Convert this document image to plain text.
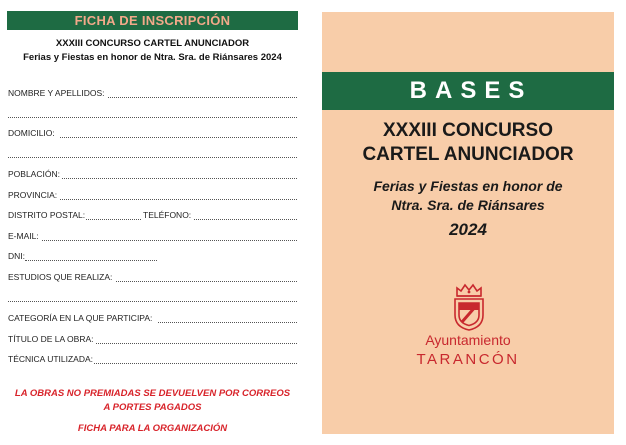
FICHA DE INSCRIPCIÓN
XXXIII CONCURSO CARTEL ANUNCIADOR
Ferias y Fiestas en honor de Ntra. Sra. de Riánsares 2024
NOMBRE Y APELLIDOS:
DOMICILIO:
POBLACIÓN:
PROVINCIA:
DISTRITO POSTAL:	TELÉFONO:
E-MAIL:
DNI:
ESTUDIOS QUE REALIZA:
CATEGORÍA EN LA QUE PARTICIPA:
TÍTULO DE LA OBRA:
TÉCNICA UTILIZADA:
LA OBRAS NO PREMIADAS SE DEVUELVEN POR CORREOS
A PORTES PAGADOS
FICHA PARA LA ORGANIZACIÓN
BASES
XXXIII CONCURSO
CARTEL ANUNCIADOR
Ferias y Fiestas en honor de
Ntra. Sra. de Riánsares
2024
Ayuntamiento
TARANCÓN
